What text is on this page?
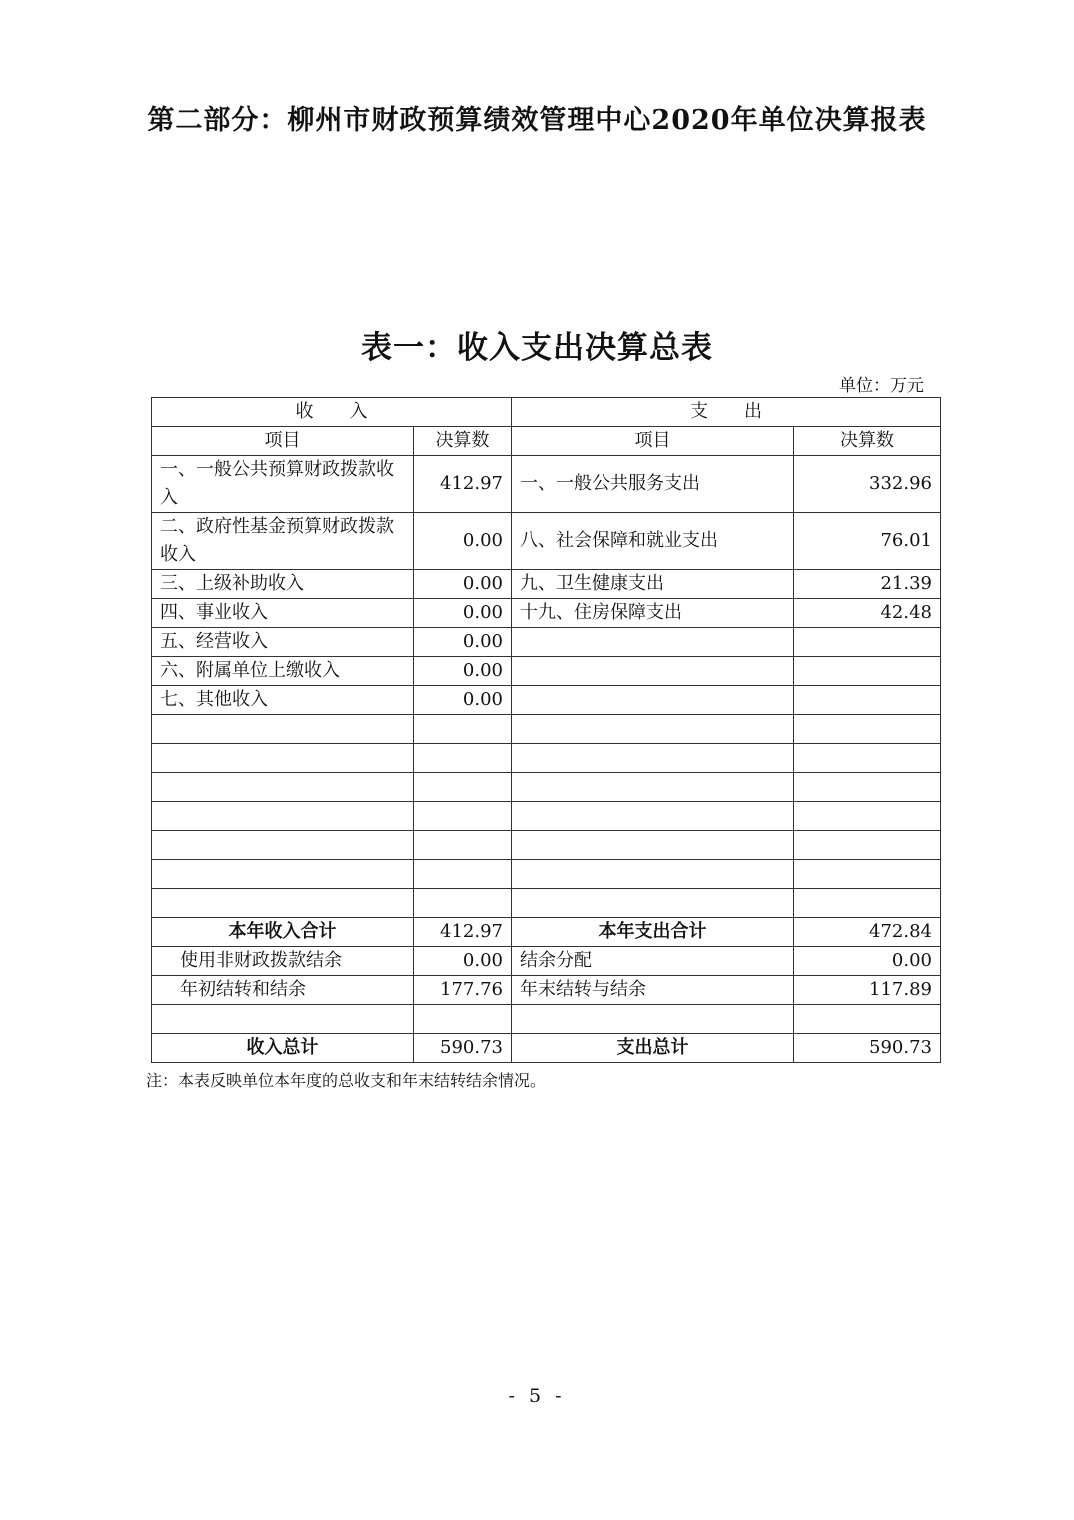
第二部分：柳州市财政预算绩效管理中心2020年单位决算报表
表一：收入支出决算总表
单位：万元
收　　入		支　　出	
项目	决算数	项目	决算数
一、一般公共预算财政拨款收入	412.97	一、一般公共服务支出	332.96
二、政府性基金预算财政拨款收入	0.00	八、社会保障和就业支出	76.01
三、上级补助收入	0.00	九、卫生健康支出	21.39
四、事业收入	0.00	十九、住房保障支出	42.48
五、经营收入	0.00		
六、附属单位上缴收入	0.00		
七、其他收入	0.00		

本年收入合计	412.97	本年支出合计	472.84
使用非财政拨款结余	0.00	结余分配	0.00
年初结转和结余	177.76	年末结转与结余	117.89

收入总计	590.73	支出总计	590.73
注：本表反映单位本年度的总收支和年末结转结余情况。
- 5 -
